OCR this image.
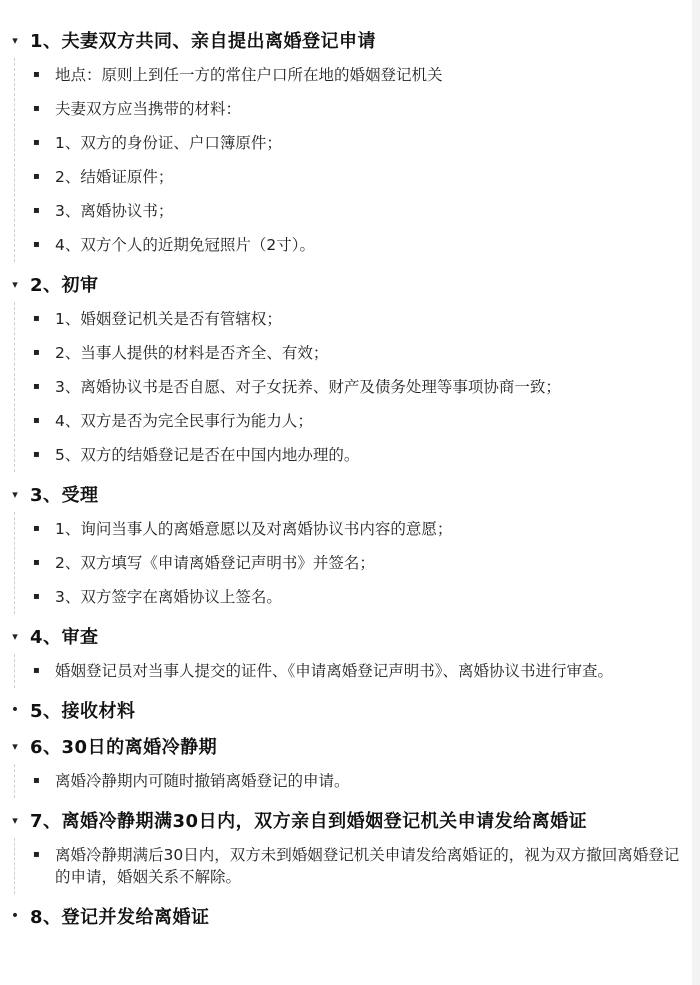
▾ 1、夫妻双方共同、亲自提出离婚登记申请
▪ 地点：原则上到任一方的常住户口所在地的婚姻登记机关
▪ 夫妻双方应当携带的材料：
▪ 1、双方的身份证、户口簿原件；
▪ 2、结婚证原件；
▪ 3、离婚协议书；
▪ 4、双方个人的近期免冠照片（2寸）。
▾ 2、初审
▪ 1、婚姻登记机关是否有管辖权；
▪ 2、当事人提供的材料是否齐全、有效；
▪ 3、离婚协议书是否自愿、对子女抚养、财产及债务处理等事项协商一致；
▪ 4、双方是否为完全民事行为能力人；
▪ 5、双方的结婚登记是否在中国内地办理的。
▾ 3、受理
▪ 1、询问当事人的离婚意愿以及对离婚协议书内容的意愿；
▪ 2、双方填写《申请离婚登记声明书》并签名；
▪ 3、双方签字在离婚协议上签名。
▾ 4、审查
▪ 婚姻登记员对当事人提交的证件、《申请离婚登记声明书》、离婚协议书进行审查。
• 5、接收材料
▾ 6、30日的离婚冷静期
▪ 离婚冷静期内可随时撤销离婚登记的申请。
▾ 7、离婚冷静期满30日内，双方亲自到婚姻登记机关申请发给离婚证
▪ 离婚冷静期满后30日内，双方未到婚姻登记机关申请发给离婚证的，视为双方撤回离婚登记的申请，婚姻关系不解除。
• 8、登记并发给离婚证
